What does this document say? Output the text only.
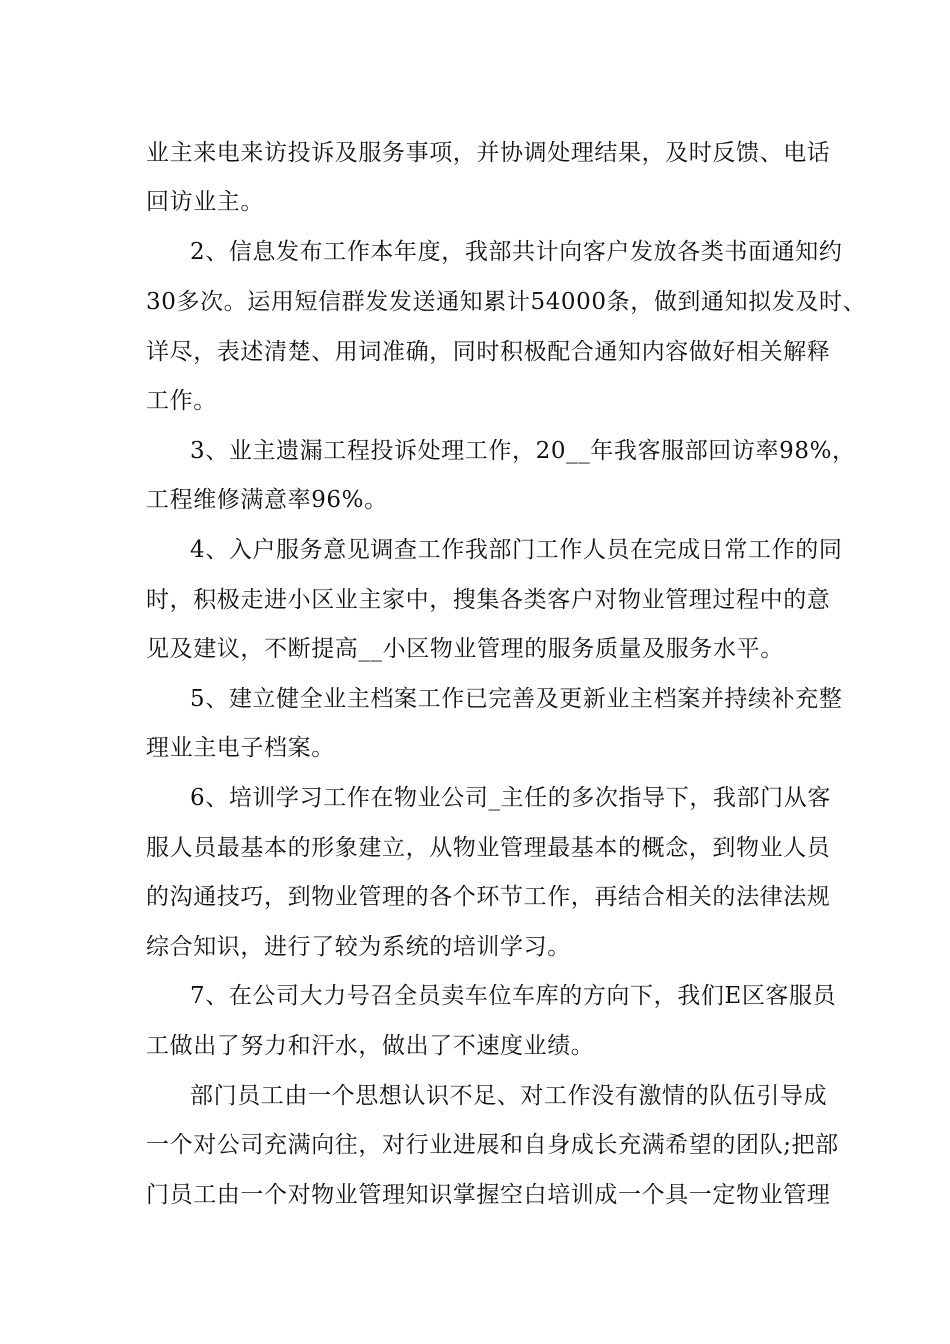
业主来电来访投诉及服务事项，并协调处理结果，及时反馈、电话
回访业主。
2、信息发布工作本年度，我部共计向客户发放各类书面通知约
30多次。运用短信群发发送通知累计54000条，做到通知拟发及时、
详尽，表述清楚、用词准确，同时积极配合通知内容做好相关解释
工作。
3、业主遗漏工程投诉处理工作，20__年我客服部回访率98%，
工程维修满意率96%。
4、入户服务意见调查工作我部门工作人员在完成日常工作的同
时，积极走进小区业主家中，搜集各类客户对物业管理过程中的意
见及建议，不断提高__小区物业管理的服务质量及服务水平。
5、建立健全业主档案工作已完善及更新业主档案并持续补充整
理业主电子档案。
6、培训学习工作在物业公司_主任的多次指导下，我部门从客
服人员最基本的形象建立，从物业管理最基本的概念，到物业人员
的沟通技巧，到物业管理的各个环节工作，再结合相关的法律法规
综合知识，进行了较为系统的培训学习。
7、在公司大力号召全员卖车位车库的方向下，我们E区客服员
工做出了努力和汗水，做出了不速度业绩。
部门员工由一个思想认识不足、对工作没有激情的队伍引导成
一个对公司充满向往，对行业进展和自身成长充满希望的团队;把部
门员工由一个对物业管理知识掌握空白培训成一个具一定物业管理
